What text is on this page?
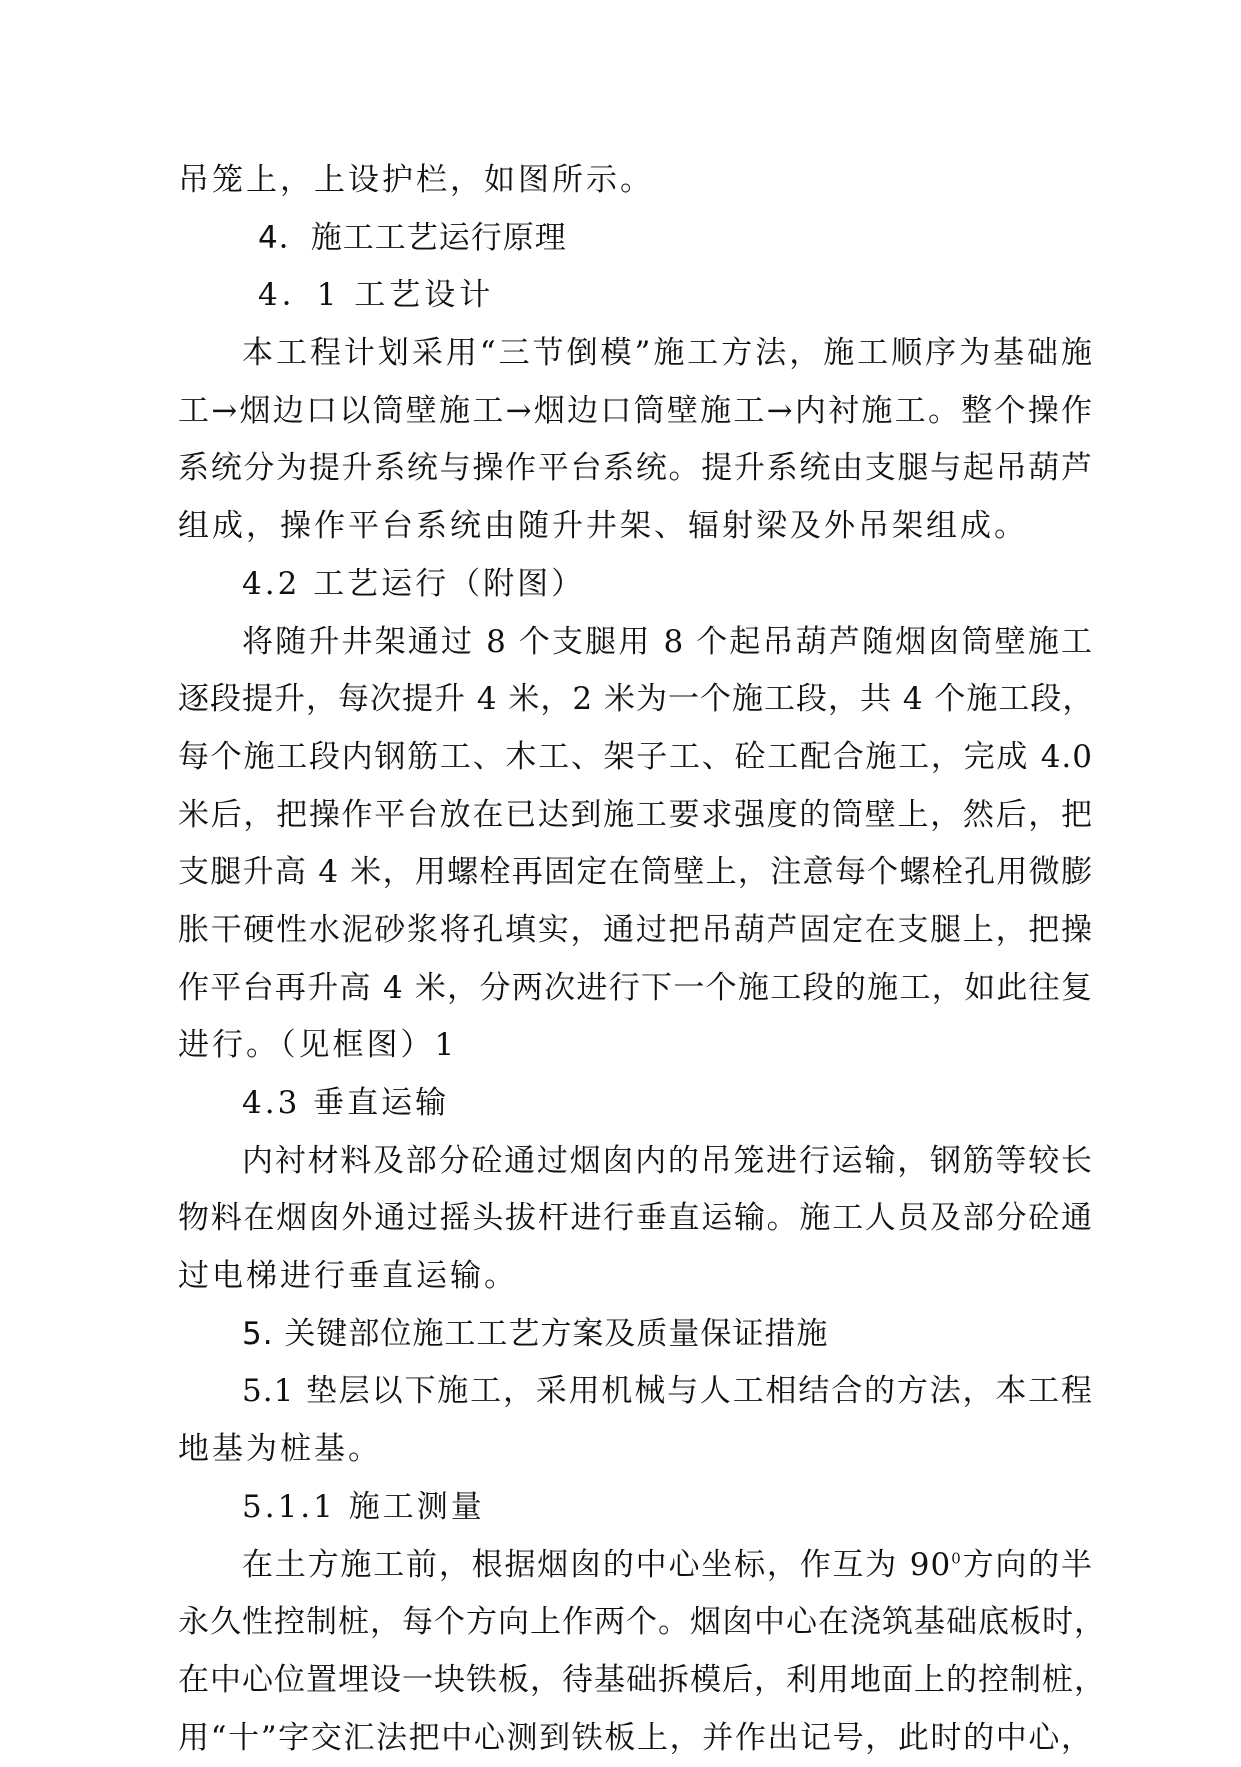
吊笼上，上设护栏，如图所示。
4．施工工艺运行原理
4．1 工艺设计
本工程计划采用“三节倒模”施工方法，施工顺序为基础施
工→烟边口以筒壁施工→烟边口筒壁施工→内衬施工。整个操作
系统分为提升系统与操作平台系统。提升系统由支腿与起吊葫芦
组成，操作平台系统由随升井架、辐射梁及外吊架组成。
4.2 工艺运行（附图）
将随升井架通过 8 个支腿用 8 个起吊葫芦随烟囱筒壁施工
逐段提升，每次提升 4 米，2 米为一个施工段，共 4 个施工段，
每个施工段内钢筋工、木工、架子工、砼工配合施工，完成 4.0
米后，把操作平台放在已达到施工要求强度的筒壁上，然后，把
支腿升高 4 米，用螺栓再固定在筒壁上，注意每个螺栓孔用微膨
胀干硬性水泥砂浆将孔填实，通过把吊葫芦固定在支腿上，把操
作平台再升高 4 米，分两次进行下一个施工段的施工，如此往复
进行。（见框图）1
4.3 垂直运输
内衬材料及部分砼通过烟囱内的吊笼进行运输，钢筋等较长
物料在烟囱外通过摇头拔杆进行垂直运输。施工人员及部分砼通
过电梯进行垂直运输。
5. 关键部位施工工艺方案及质量保证措施
5.1 垫层以下施工，采用机械与人工相结合的方法，本工程
地基为桩基。
5.1.1 施工测量
在土方施工前，根据烟囱的中心坐标，作互为 $90^0$方向的半
永久性控制桩，每个方向上作两个。烟囱中心在浇筑基础底板时，
在中心位置埋设一块铁板，待基础拆模后，利用地面上的控制桩，
用“十”字交汇法把中心测到铁板上，并作出记号，此时的中心，
